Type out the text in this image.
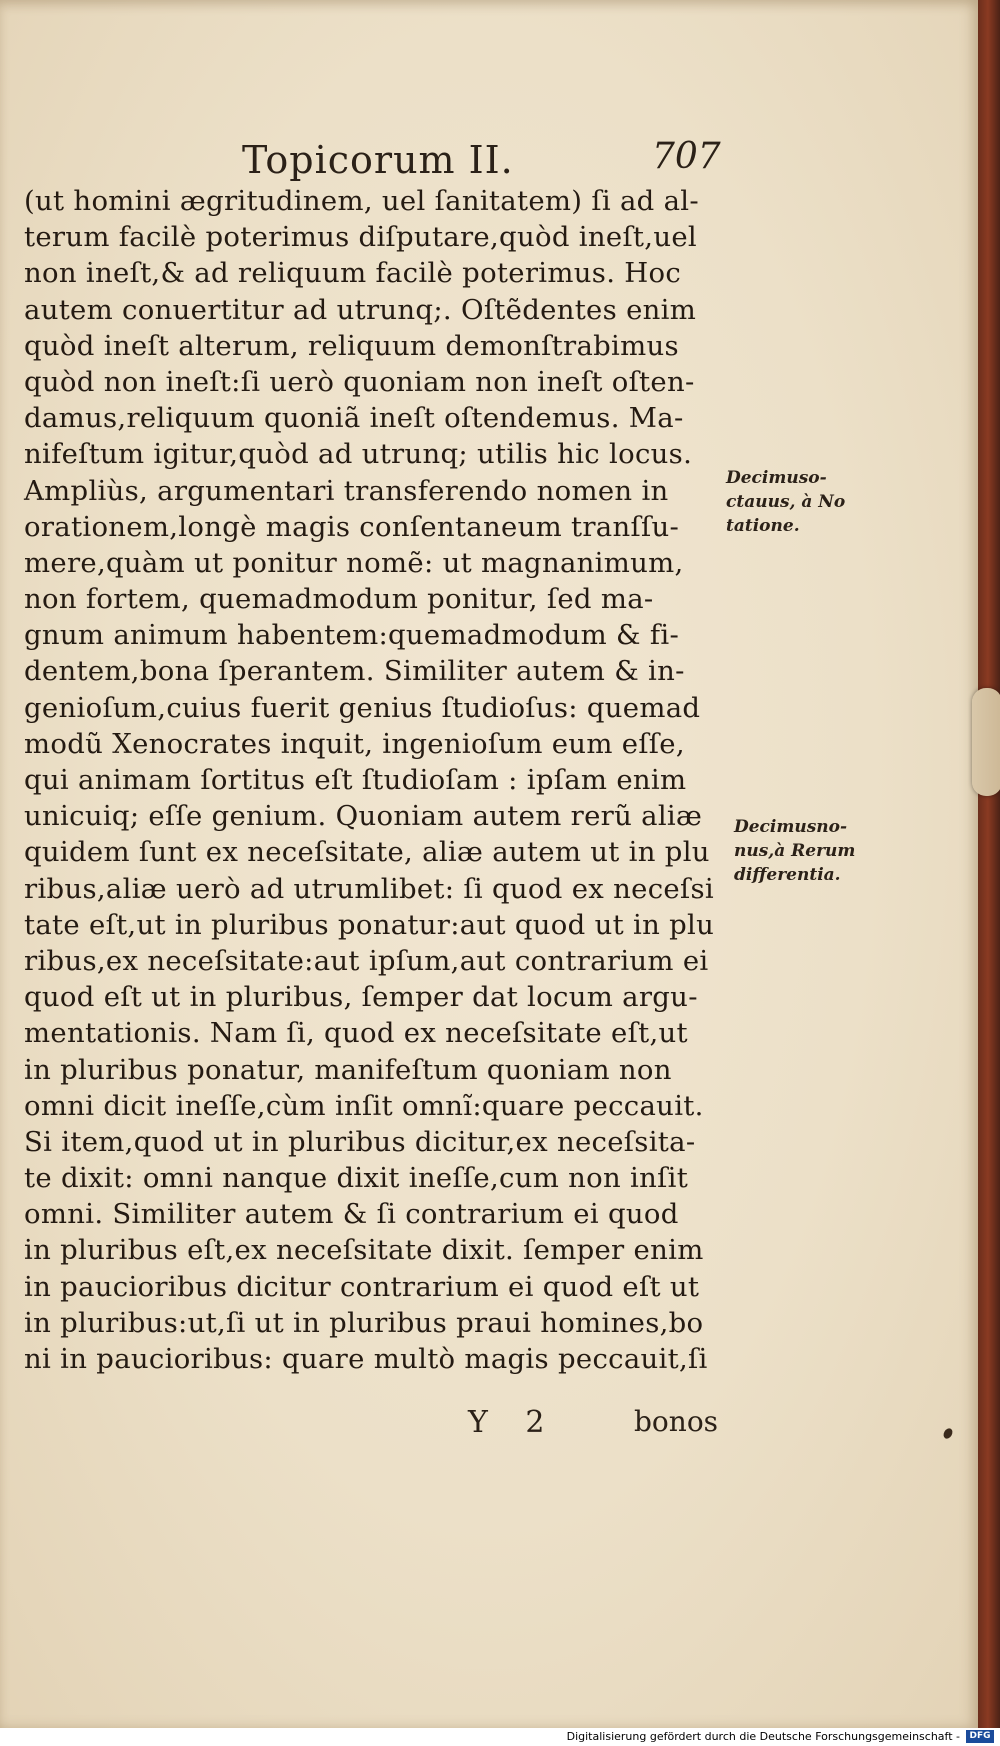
Topicorum II.	707
(ut homini ægritudinem, uel ſanitatem) ſi ad al-
terum facilè poterimus diſputare,quòd ineſt,uel
non ineſt,& ad reliquum facilè poterimus. Hoc
autem conuertitur ad utrunq;. Oſtẽdentes enim
quòd ineſt alterum, reliquum demonſtrabimus
quòd non ineſt:ſi uerò quoniam non ineſt oſten-
damus,reliquum quoniã ineſt oſtendemus. Ma-
nifeſtum igitur,quòd ad utrunq; utilis hic locus.
Ampliùs, argumentari transferendo nomen in
orationem,longè magis conſentaneum tranſſu-
mere,quàm ut ponitur nomẽ: ut magnanimum,
non fortem, quemadmodum ponitur, ſed ma-
gnum animum habentem:quemadmodum & fi-
dentem,bona ſperantem. Similiter autem & in-
genioſum,cuius fuerit genius ſtudioſus: quemad
modũ Xenocrates inquit, ingenioſum eum eſſe,
qui animam ſortitus eſt ſtudioſam : ipſam enim
unicuiq; eſſe genium. Quoniam autem rerũ aliæ
quidem ſunt ex neceſsitate, aliæ autem ut in plu
ribus,aliæ uerò ad utrumlibet: ſi quod ex neceſsi
tate eſt,ut in pluribus ponatur:aut quod ut in plu
ribus,ex neceſsitate:aut ipſum,aut contrarium ei
quod eſt ut in pluribus, ſemper dat locum argu-
mentationis. Nam ſi, quod ex neceſsitate eſt,ut
in pluribus ponatur, manifeſtum quoniam non
omni dicit ineſſe,cùm inſit omnĩ:quare peccauit.
Si item,quod ut in pluribus dicitur,ex neceſsita-
te dixit: omni nanque dixit ineſſe,cum non inſit
omni. Similiter autem & ſi contrarium ei quod
in pluribus eſt,ex neceſsitate dixit. ſemper enim
in paucioribus dicitur contrarium ei quod eſt ut
in pluribus:ut,ſi ut in pluribus praui homines,bo
ni in paucioribus: quare multò magis peccauit,ſi
Decimuso-
ctauus, à No
tatione.
Decimusno-
nus,à Rerum
differentia.
Y 2	bonos
Digitalisierung gefördert durch die Deutsche Forschungsgemeinschaft -	DFG
